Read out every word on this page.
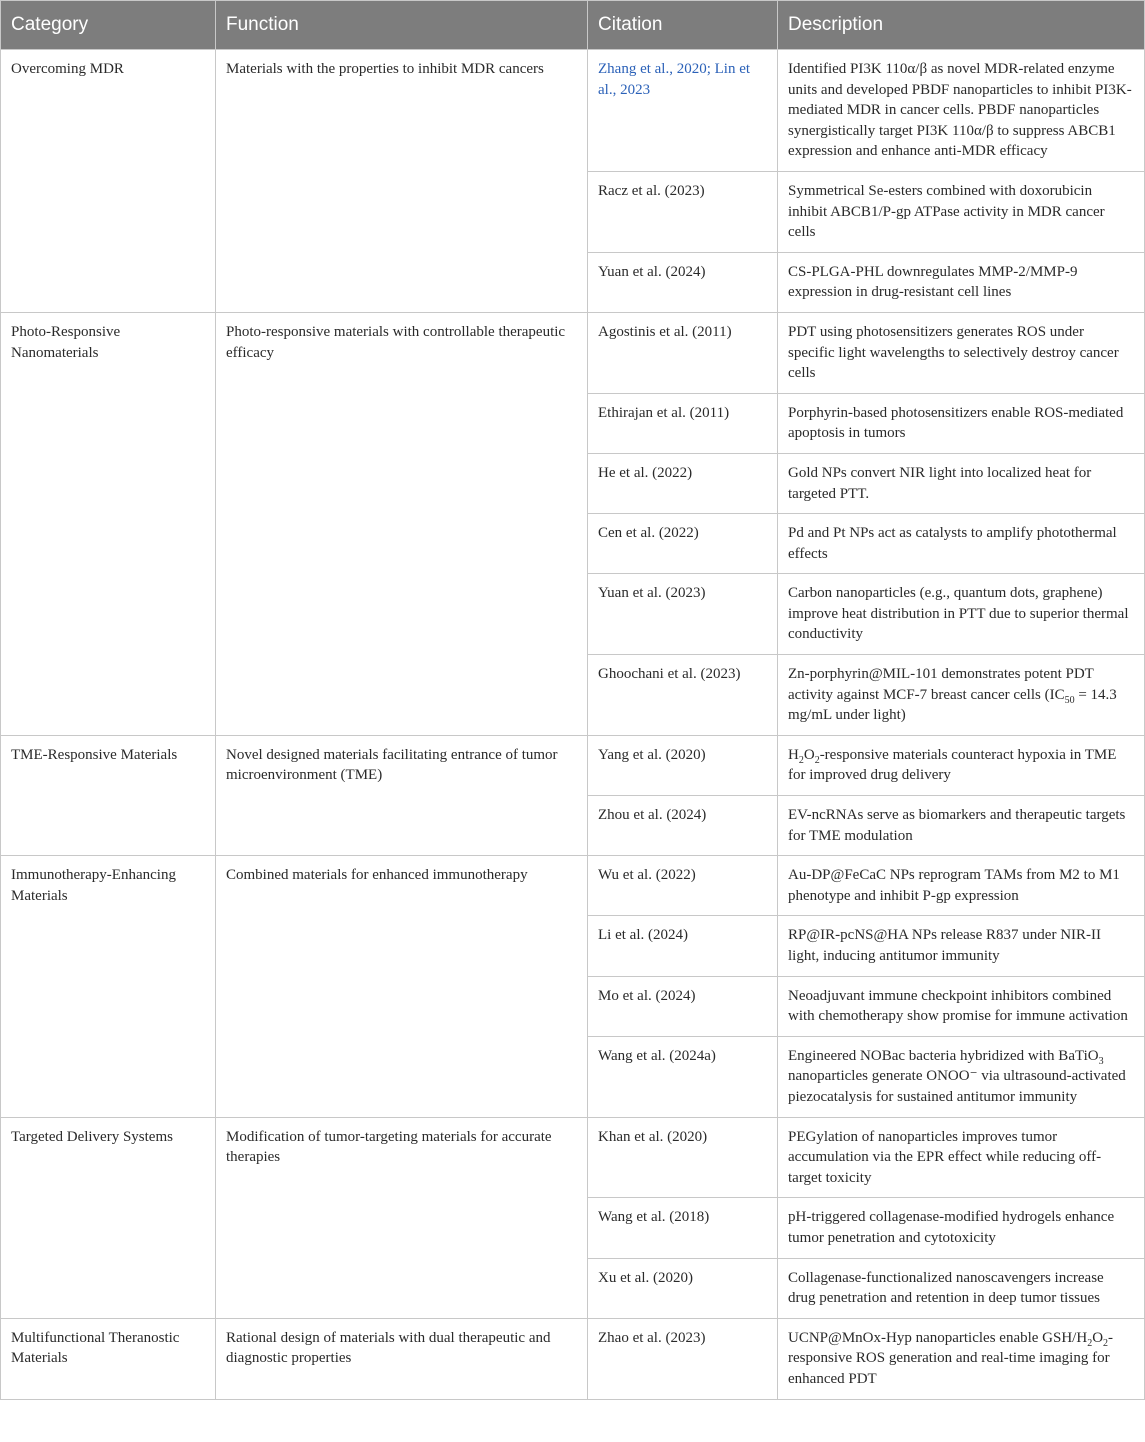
Category	Function	Citation	Description
Overcoming MDR	Materials with the properties to inhibit MDR cancers	Zhang et al., 2020; Lin et al., 2023	Identified PI3K 110α/β as novel MDR-related enzyme units and developed PBDF nanoparticles to inhibit PI3K-mediated MDR in cancer cells. PBDF nanoparticles synergistically target PI3K 110α/β to suppress ABCB1 expression and enhance anti-MDR efficacy
		Racz et al. (2023)	Symmetrical Se-esters combined with doxorubicin inhibit ABCB1/P-gp ATPase activity in MDR cancer cells
		Yuan et al. (2024)	CS-PLGA-PHL downregulates MMP-2/MMP-9 expression in drug-resistant cell lines
Photo-Responsive Nanomaterials	Photo-responsive materials with controllable therapeutic efficacy	Agostinis et al. (2011)	PDT using photosensitizers generates ROS under specific light wavelengths to selectively destroy cancer cells
		Ethirajan et al. (2011)	Porphyrin-based photosensitizers enable ROS-mediated apoptosis in tumors
		He et al. (2022)	Gold NPs convert NIR light into localized heat for targeted PTT.
		Cen et al. (2022)	Pd and Pt NPs act as catalysts to amplify photothermal effects
		Yuan et al. (2023)	Carbon nanoparticles (e.g., quantum dots, graphene) improve heat distribution in PTT due to superior thermal conductivity
		Ghoochani et al. (2023)	Zn-porphyrin@MIL-101 demonstrates potent PDT activity against MCF-7 breast cancer cells ($IC_{50} = 14.3$ mg/mL under light)
TME-Responsive Materials	Novel designed materials facilitating entrance of tumor microenvironment (TME)	Yang et al. (2020)	$H_2O_2$-responsive materials counteract hypoxia in TME for improved drug delivery
		Zhou et al. (2024)	EV-ncRNAs serve as biomarkers and therapeutic targets for TME modulation
Immunotherapy-Enhancing Materials	Combined materials for enhanced immunotherapy	Wu et al. (2022)	Au-DP@FeCaC NPs reprogram TAMs from M2 to M1 phenotype and inhibit P-gp expression
		Li et al. (2024)	RP@IR-pcNS@HA NPs release R837 under NIR-II light, inducing antitumor immunity
		Mo et al. (2024)	Neoadjuvant immune checkpoint inhibitors combined with chemotherapy show promise for immune activation
		Wang et al. (2024a)	Engineered NOBac bacteria hybridized with BaTiO$_3$ nanoparticles generate ONOO⁻ via ultrasound-activated piezocatalysis for sustained antitumor immunity
Targeted Delivery Systems	Modification of tumor-targeting materials for accurate therapies	Khan et al. (2020)	PEGylation of nanoparticles improves tumor accumulation via the EPR effect while reducing off-target toxicity
		Wang et al. (2018)	pH-triggered collagenase-modified hydrogels enhance tumor penetration and cytotoxicity
		Xu et al. (2020)	Collagenase-functionalized nanoscavengers increase drug penetration and retention in deep tumor tissues
Multifunctional Theranostic Materials	Rational design of materials with dual therapeutic and diagnostic properties	Zhao et al. (2023)	UCNP@MnOx-Hyp nanoparticles enable GSH/$H_2O_2$-responsive ROS generation and real-time imaging for enhanced PDT
